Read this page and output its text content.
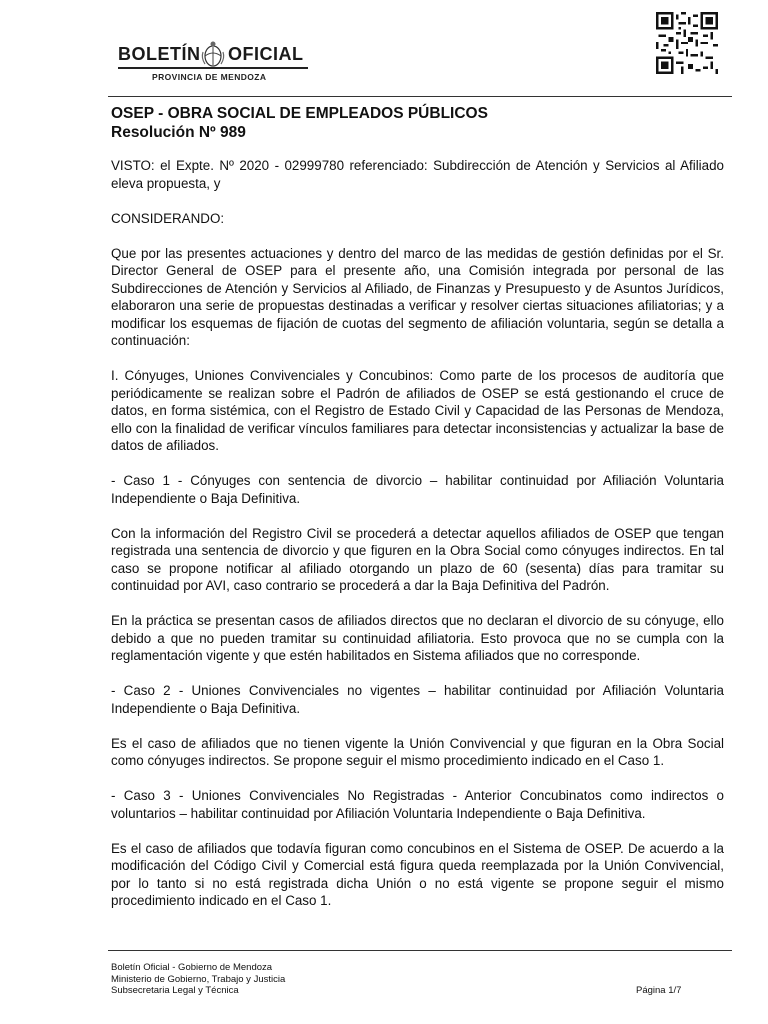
BOLETÍN OFICIAL
PROVINCIA DE MENDOZA
OSEP - OBRA SOCIAL DE EMPLEADOS PÚBLICOS
Resolución Nº 989

VISTO: el Expte. Nº 2020 - 02999780 referenciado: Subdirección de Atención y Servicios al Afiliado eleva propuesta, y

CONSIDERANDO:

Que por las presentes actuaciones y dentro del marco de las medidas de gestión definidas por el Sr. Director General de OSEP para el presente año, una Comisión integrada por personal de las Subdirecciones de Atención y Servicios al Afiliado, de Finanzas y Presupuesto y de Asuntos Jurídicos, elaboraron una serie de propuestas destinadas a verificar y resolver ciertas situaciones afiliatorias; y a modificar los esquemas de fijación de cuotas del segmento de afiliación voluntaria, según se detalla a continuación:

I. Cónyuges, Uniones Convivenciales y Concubinos: Como parte de los procesos de auditoría que periódicamente se realizan sobre el Padrón de afiliados de OSEP se está gestionando el cruce de datos, en forma sistémica, con el Registro de Estado Civil y Capacidad de las Personas de Mendoza, ello con la finalidad de verificar vínculos familiares para detectar inconsistencias y actualizar la base de datos de afiliados.

- Caso 1 - Cónyuges con sentencia de divorcio – habilitar continuidad por Afiliación Voluntaria Independiente o Baja Definitiva.

Con la información del Registro Civil se procederá a detectar aquellos afiliados de OSEP que tengan registrada una sentencia de divorcio y que figuren en la Obra Social como cónyuges indirectos. En tal caso se propone notificar al afiliado otorgando un plazo de 60 (sesenta) días para tramitar su continuidad por AVI, caso contrario se procederá a dar la Baja Definitiva del Padrón.

En la práctica se presentan casos de afiliados directos que no declaran el divorcio de su cónyuge, ello debido a que no pueden tramitar su continuidad afiliatoria. Esto provoca que no se cumpla con la reglamentación vigente y que estén habilitados en Sistema afiliados que no corresponde.

- Caso 2 - Uniones Convivenciales no vigentes – habilitar continuidad por Afiliación Voluntaria Independiente o Baja Definitiva.

Es el caso de afiliados que no tienen vigente la Unión Convivencial y que figuran en la Obra Social como cónyuges indirectos. Se propone seguir el mismo procedimiento indicado en el Caso 1.

- Caso 3 - Uniones Convivenciales No Registradas - Anterior Concubinatos como indirectos o voluntarios – habilitar continuidad por Afiliación Voluntaria Independiente o Baja Definitiva.

Es el caso de afiliados que todavía figuran como concubinos en el Sistema de OSEP. De acuerdo a la modificación del Código Civil y Comercial está figura queda reemplazada por la Unión Convivencial, por lo tanto si no está registrada dicha Unión o no está vigente se propone seguir el mismo procedimiento indicado en el Caso 1.

Boletín Oficial - Gobierno de Mendoza
Ministerio de Gobierno, Trabajo y Justicia
Subsecretaria Legal y Técnica	Página 1/7
